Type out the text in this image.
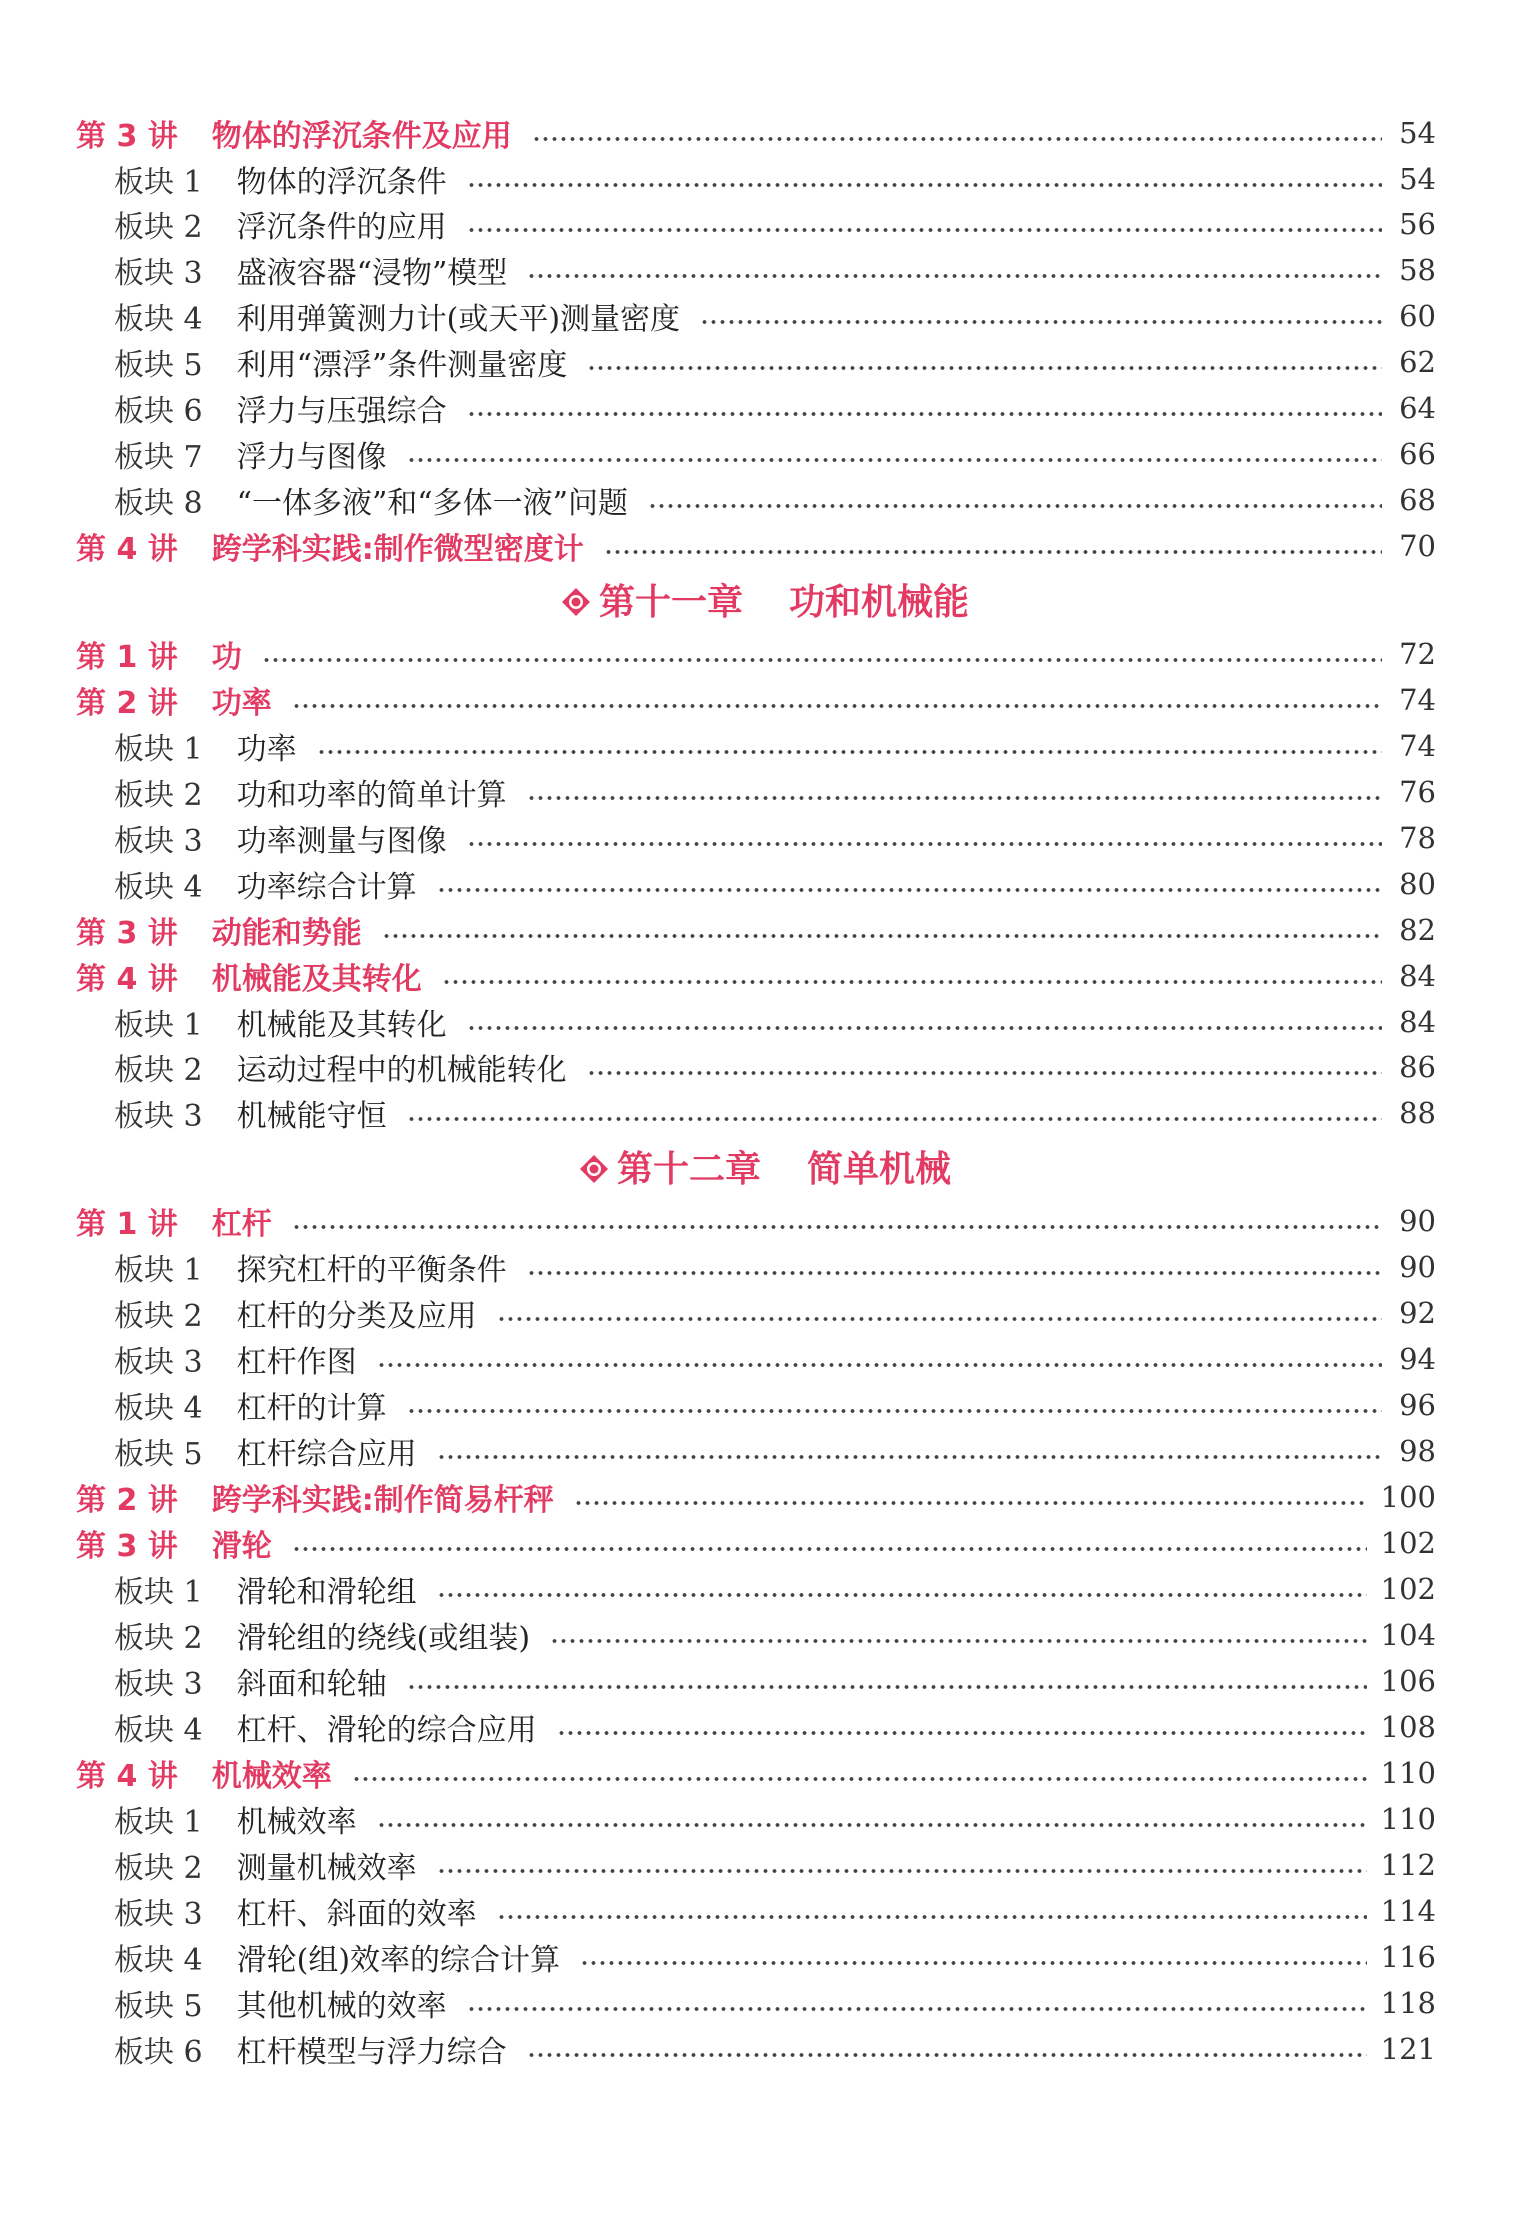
第 3 讲 物体的浮沉条件及应用	54
板块 1 物体的浮沉条件	54
板块 2 浮沉条件的应用	56
板块 3 盛液容器“浸物”模型	58
板块 4 利用弹簧测力计(或天平)测量密度	60
板块 5 利用“漂浮”条件测量密度	62
板块 6 浮力与压强综合	64
板块 7 浮力与图像	66
板块 8 “一体多液”和“多体一液”问题	68
第 4 讲 跨学科实践:制作微型密度计	70
第十一章 功和机械能
第 1 讲 功	72
第 2 讲 功率	74
板块 1 功率	74
板块 2 功和功率的简单计算	76
板块 3 功率测量与图像	78
板块 4 功率综合计算	80
第 3 讲 动能和势能	82
第 4 讲 机械能及其转化	84
板块 1 机械能及其转化	84
板块 2 运动过程中的机械能转化	86
板块 3 机械能守恒	88
第十二章 简单机械
第 1 讲 杠杆	90
板块 1 探究杠杆的平衡条件	90
板块 2 杠杆的分类及应用	92
板块 3 杠杆作图	94
板块 4 杠杆的计算	96
板块 5 杠杆综合应用	98
第 2 讲 跨学科实践:制作简易杆秤	100
第 3 讲 滑轮	102
板块 1 滑轮和滑轮组	102
板块 2 滑轮组的绕线(或组装)	104
板块 3 斜面和轮轴	106
板块 4 杠杆、滑轮的综合应用	108
第 4 讲 机械效率	110
板块 1 机械效率	110
板块 2 测量机械效率	112
板块 3 杠杆、斜面的效率	114
板块 4 滑轮(组)效率的综合计算	116
板块 5 其他机械的效率	118
板块 6 杠杆模型与浮力综合	121
